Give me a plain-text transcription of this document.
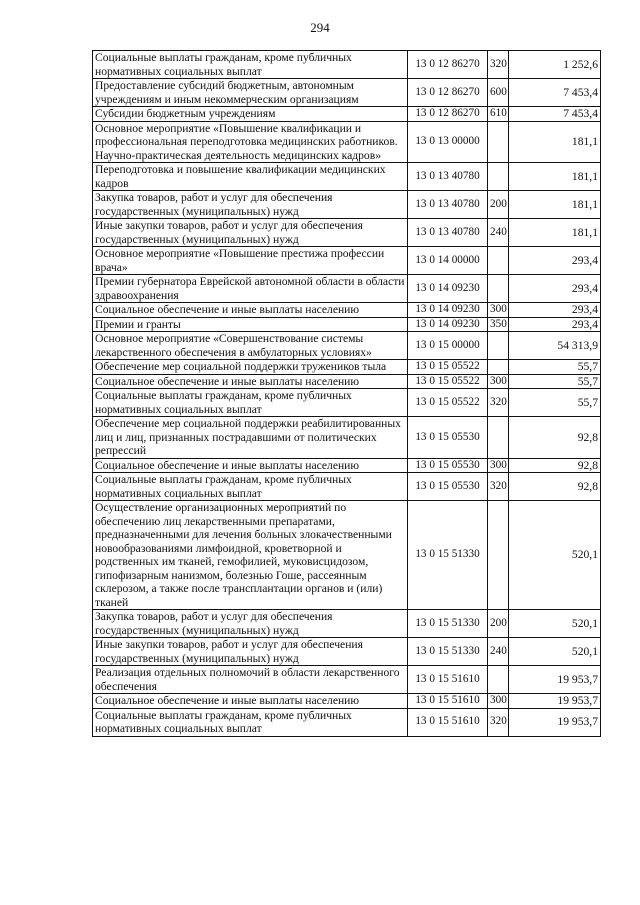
294
Социальные выплаты гражданам, кроме публичных нормативных социальных выплат	13 0 12 86270	320	1 252,6
Предоставление субсидий бюджетным, автономным учреждениям и иным некоммерческим организациям	13 0 12 86270	600	7 453,4
Субсидии бюджетным учреждениям	13 0 12 86270	610	7 453,4
Основное мероприятие «Повышение квалификации и профессиональная переподготовка медицинских работников. Научно-практическая деятельность медицинских кадров»	13 0 13 00000		181,1
Переподготовка и повышение квалификации медицинских кадров	13 0 13 40780		181,1
Закупка товаров, работ и услуг для обеспечения государственных (муниципальных) нужд	13 0 13 40780	200	181,1
Иные закупки товаров, работ и услуг для обеспечения государственных (муниципальных) нужд	13 0 13 40780	240	181,1
Основное мероприятие «Повышение престижа профессии врача»	13 0 14 00000		293,4
Премии губернатора Еврейской автономной области в области здравоохранения	13 0 14 09230		293,4
Социальное обеспечение и иные выплаты населению	13 0 14 09230	300	293,4
Премии и гранты	13 0 14 09230	350	293,4
Основное мероприятие «Совершенствование системы лекарственного обеспечения в амбулаторных условиях»	13 0 15 00000		54 313,9
Обеспечение мер социальной поддержки тружеников тыла	13 0 15 05522		55,7
Социальное обеспечение и иные выплаты населению	13 0 15 05522	300	55,7
Социальные выплаты гражданам, кроме публичных нормативных социальных выплат	13 0 15 05522	320	55,7
Обеспечение мер социальной поддержки реабилитированных лиц и лиц, признанных пострадавшими от политических репрессий	13 0 15 05530		92,8
Социальное обеспечение и иные выплаты населению	13 0 15 05530	300	92,8
Социальные выплаты гражданам, кроме публичных нормативных социальных выплат	13 0 15 05530	320	92,8
Осуществление организационных мероприятий по обеспечению лиц лекарственными препаратами, предназначенными для лечения больных злокачественными новообразованиями лимфоидной, кроветворной и родственных им тканей, гемофилией, муковисцидозом, гипофизарным нанизмом, болезнью Гоше, рассеянным склерозом, а также после трансплантации органов и (или) тканей	13 0 15 51330		520,1
Закупка товаров, работ и услуг для обеспечения государственных (муниципальных) нужд	13 0 15 51330	200	520,1
Иные закупки товаров, работ и услуг для обеспечения государственных (муниципальных) нужд	13 0 15 51330	240	520,1
Реализация отдельных полномочий в области лекарственного обеспечения	13 0 15 51610		19 953,7
Социальное обеспечение и иные выплаты населению	13 0 15 51610	300	19 953,7
Социальные выплаты гражданам, кроме публичных нормативных социальных выплат	13 0 15 51610	320	19 953,7
